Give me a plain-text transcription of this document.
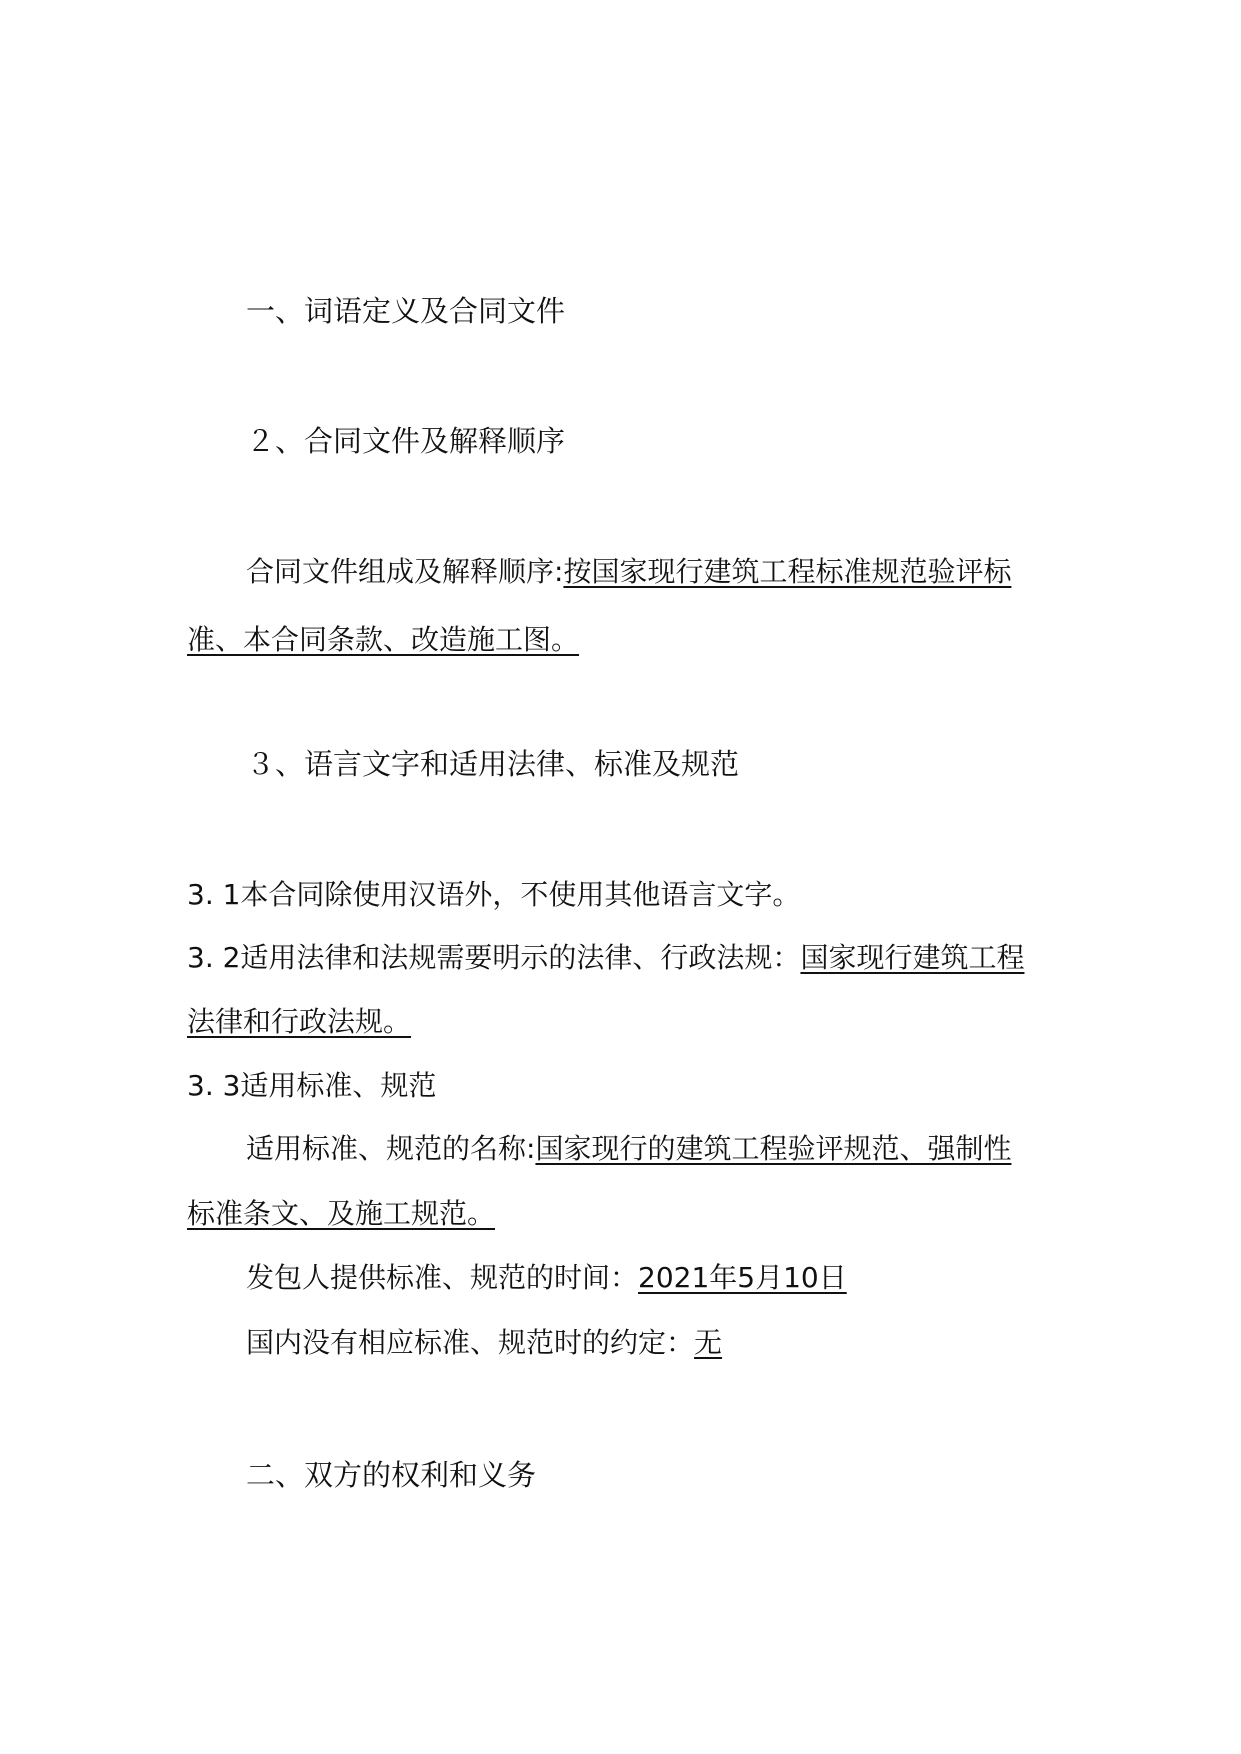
一、词语定义及合同文件
２、合同文件及解释顺序
合同文件组成及解释顺序:按国家现行建筑工程标准规范验评标
准、本合同条款、改造施工图。
３、语言文字和适用法律、标准及规范
3. 1本合同除使用汉语外，不使用其他语言文字。
3. 2适用法律和法规需要明示的法律、行政法规：国家现行建筑工程
法律和行政法规。
3. 3适用标准、规范
适用标准、规范的名称:国家现行的建筑工程验评规范、强制性
标准条文、及施工规范。
发包人提供标准、规范的时间：2021年5月10日
国内没有相应标准、规范时的约定：无
二、双方的权利和义务
